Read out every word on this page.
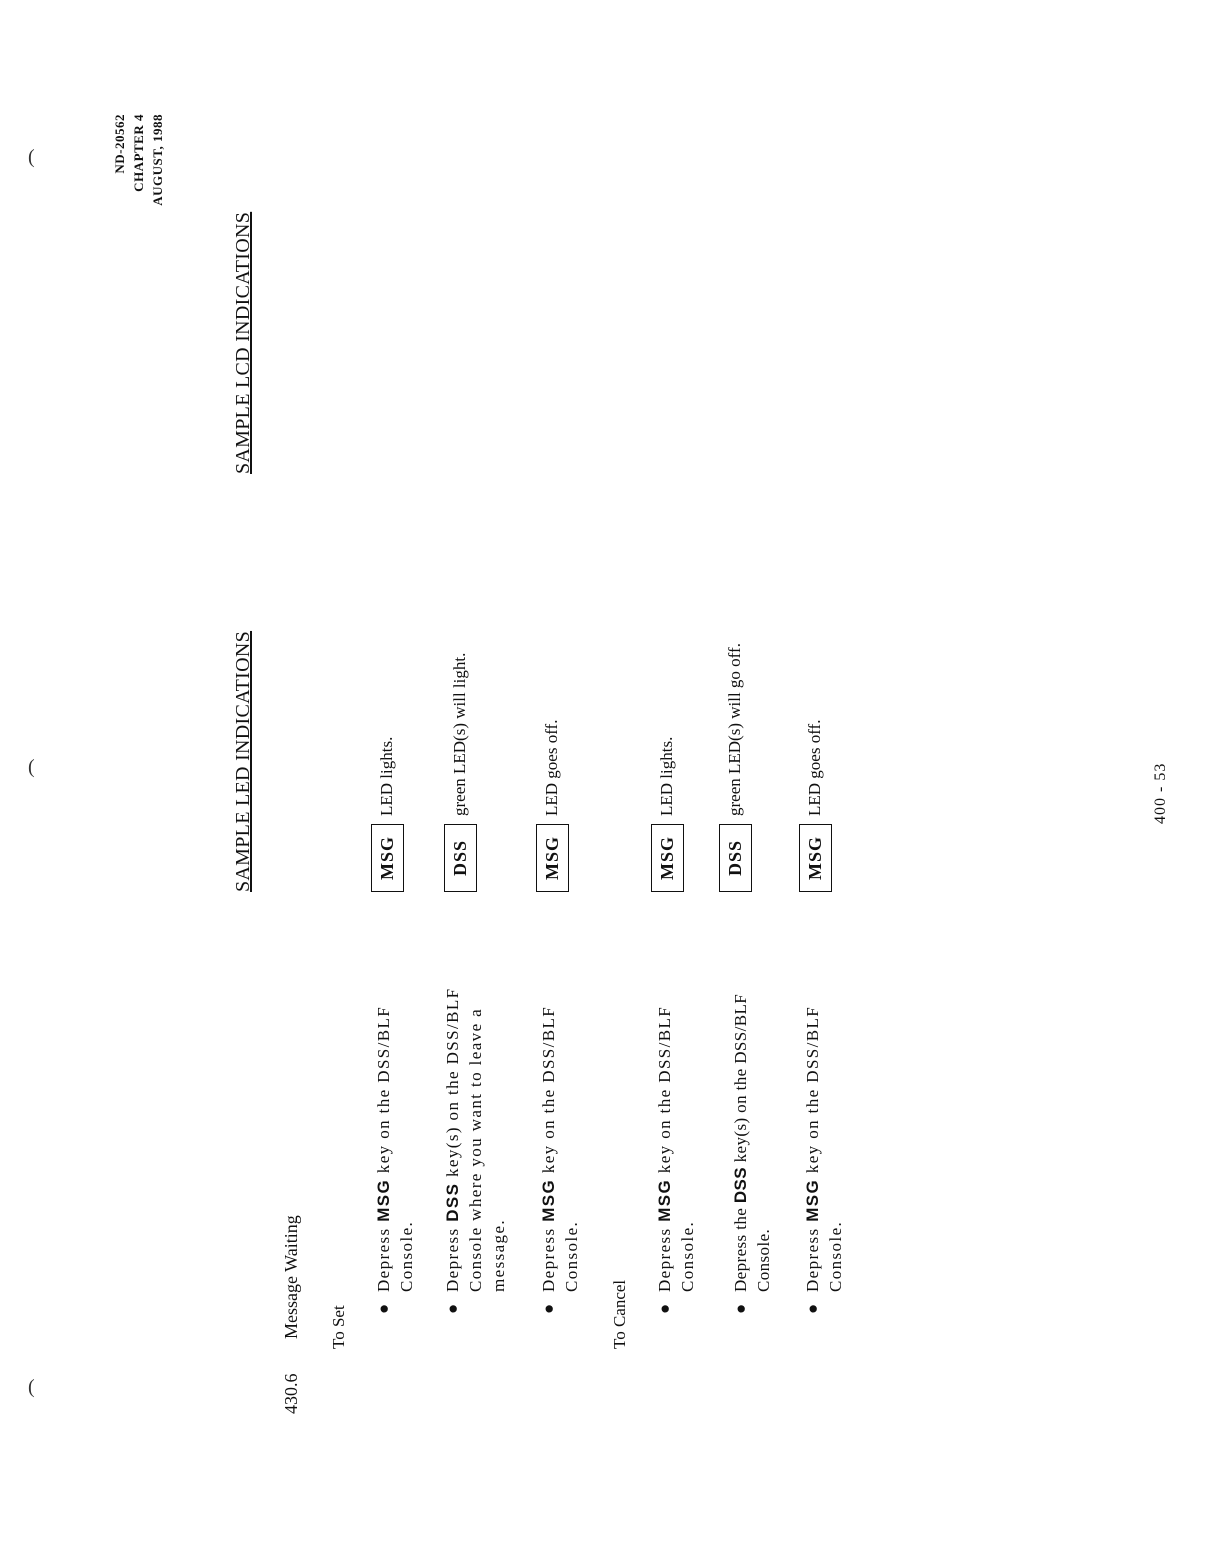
(
(
(
ND-20562 CHAPTER 4 AUGUST, 1988
SAMPLE LED INDICATIONS
SAMPLE LCD INDICATIONS
430.6
Message Waiting To Set ●
Depress MSG key on the DSS/BLF Console.
MSG
LED lights.
●
Depress DSS key(s) on the DSS/BLF Console where you want to leave a message.
DSS
green LED(s) will light.
●
Depress MSG key on the DSS/BLF Console.
MSG
LED goes off.
To Cancel ●
Depress MSG key on the DSS/BLF Console.
MSG
LED lights.
●
Depress the DSS key(s) on the DSS/BLF Console.
DSS
green LED(s) will go off.
●
Depress MSG key on the DSS/BLF Console.
MSG
LED goes off.	400 - 53
